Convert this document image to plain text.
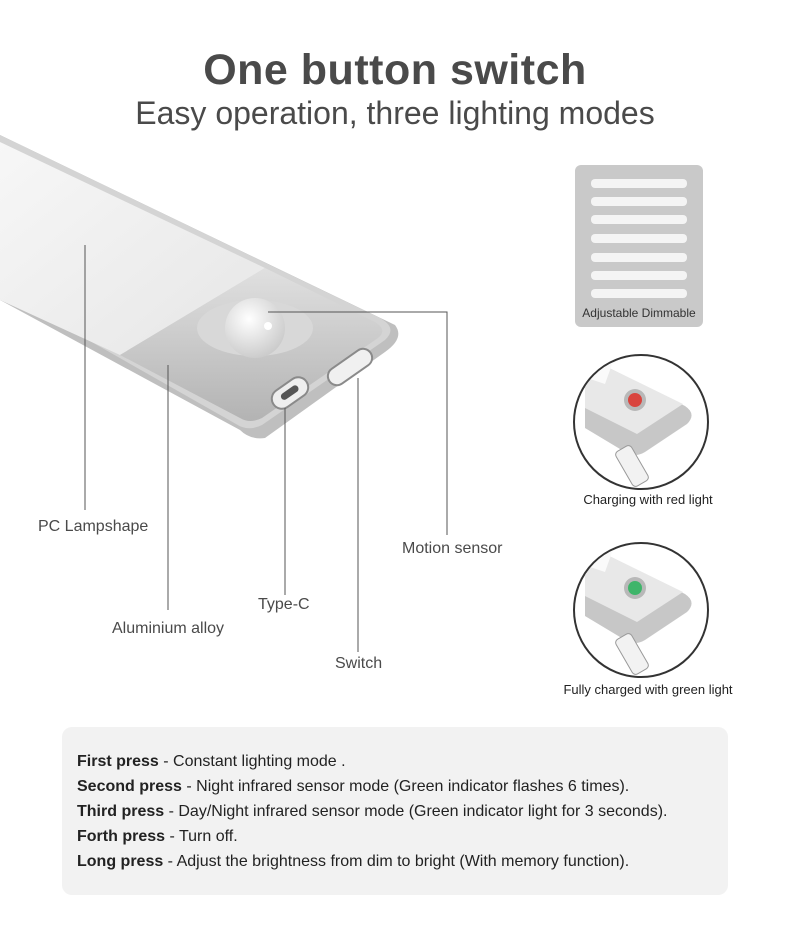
One button switch
Easy operation, three lighting modes
PC Lampshape
Aluminium alloy
Type-C
Switch
Motion sensor
Adjustable Dimmable
Charging with red light
Fully charged with green light
First press - Constant lighting mode .
Second press - Night infrared sensor mode (Green indicator flashes 6 times).
Third press - Day/Night infrared sensor mode (Green indicator light for 3 seconds).
Forth press - Turn off.
Long press - Adjust the brightness from dim to bright (With memory function).
